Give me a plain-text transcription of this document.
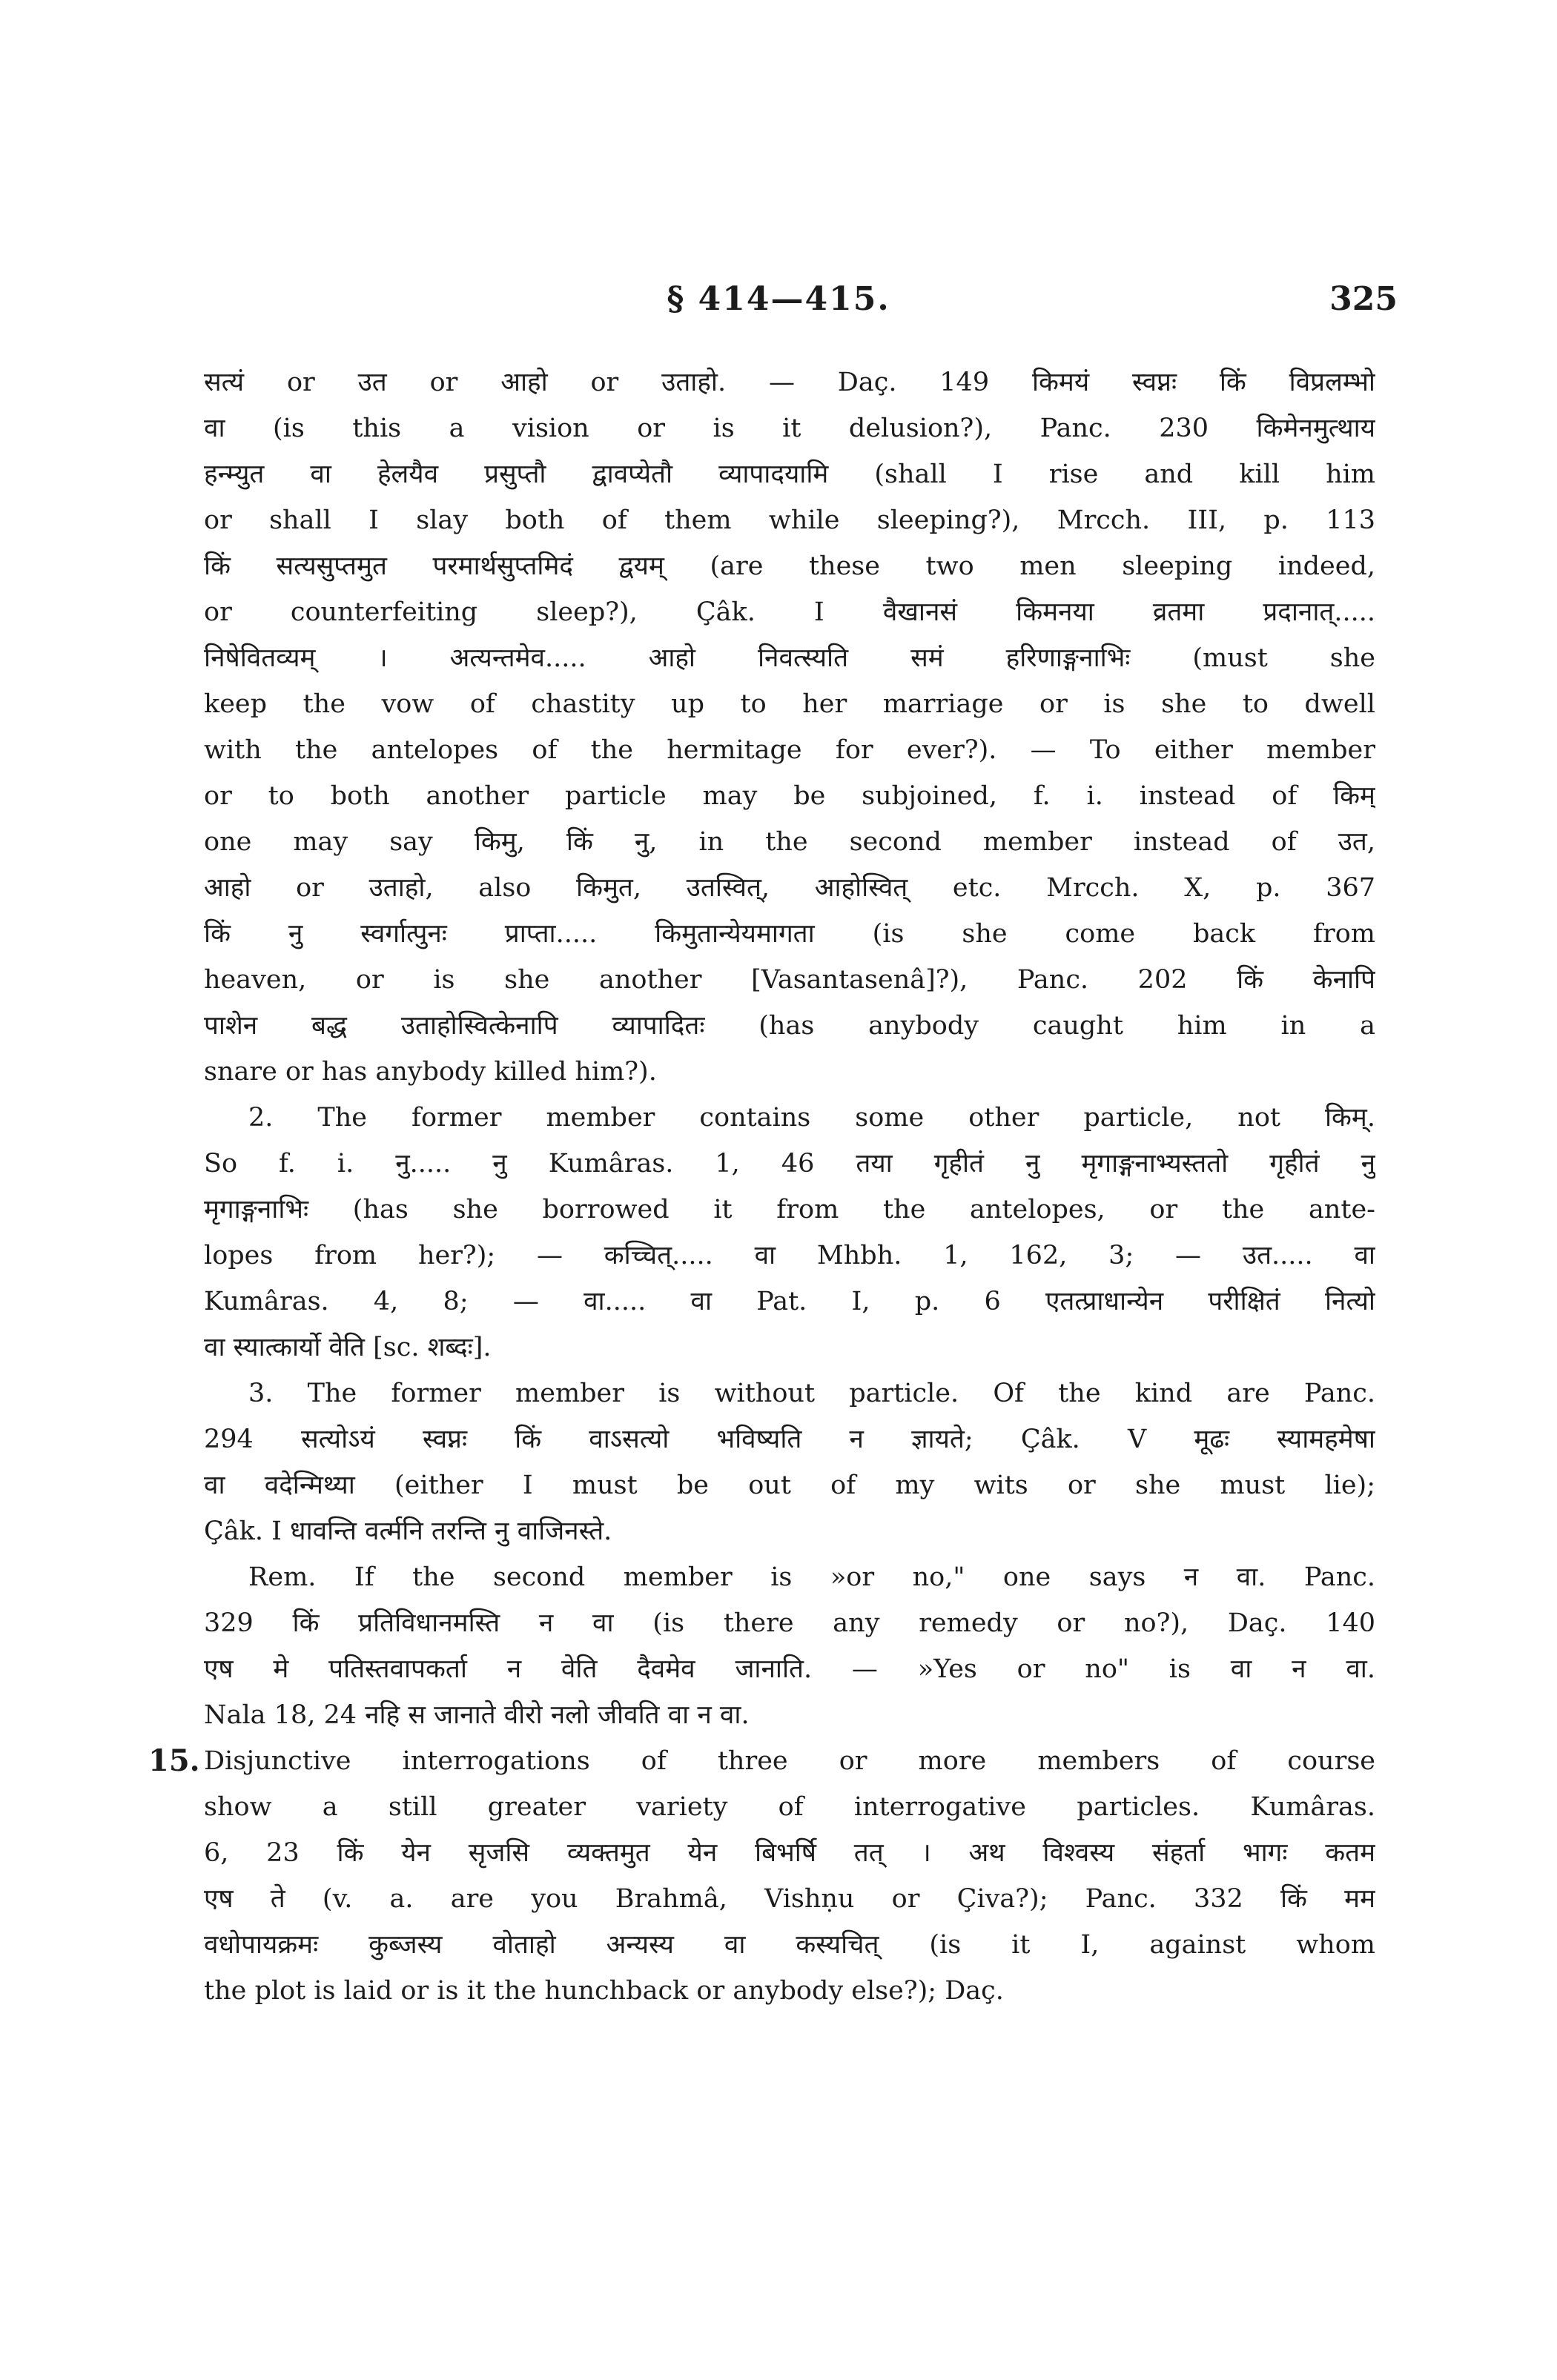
§ 414—415.	325
15.
सत्यं or उत or आहो or उताहो. — Daç. 149 किमयं स्वप्नः किं विप्रलम्भो
वा (is this a vision or is it delusion?), Panc. 230 किमेनमुत्थाय
हन्म्युत वा हेलयैव प्रसुप्तौ द्वावप्येतौ व्यापादयामि (shall I rise and kill him
or shall I slay both of them while sleeping?), Mrcch. III, p. 113
किं सत्यसुप्तमुत परमार्थसुप्तमिदं द्वयम् (are these two men sleeping indeed,
or counterfeiting sleep?), Çâk. I वैखानसं किमनया व्रतमा प्रदानात्.....
निषेवितव्यम् । अत्यन्तमेव..... आहो निवत्स्यति समं हरिणाङ्गनाभिः (must she
keep the vow of chastity up to her marriage or is she to dwell
with the antelopes of the hermitage for ever?). — To either member
or to both another particle may be subjoined, f. i. instead of किम्
one may say किमु, किं नु, in the second member instead of उत,
आहो or उताहो, also किमुत, उतस्वित्, आहोस्वित् etc. Mrcch. X, p. 367
किं नु स्वर्गात्पुनः प्राप्ता..... किमुतान्येयमागता (is she come back from
heaven, or is she another [Vasantasenâ]?), Panc. 202 किं केनापि
पाशेन बद्ध उताहोस्वित्केनापि व्यापादितः (has anybody caught him in a
snare or has anybody killed him?).
2. The former member contains some other particle, not किम्.
So f. i. नु..... नु Kumâras. 1, 46 तया गृहीतं नु मृगाङ्गनाभ्यस्ततो गृहीतं नु
मृगाङ्गनाभिः (has she borrowed it from the antelopes, or the ante-
lopes from her?); — कच्चित्..... वा Mhbh. 1, 162, 3; — उत..... वा
Kumâras. 4, 8; — वा..... वा Pat. I, p. 6 एतत्प्राधान्येन परीक्षितं नित्यो
वा स्यात्कार्यो वेति [sc. शब्दः].
3. The former member is without particle. Of the kind are Panc.
294 सत्योऽयं स्वप्नः किं वाऽसत्यो भविष्यति न ज्ञायते; Çâk. V मूढः स्यामहमेषा
वा वदेन्मिथ्या (either I must be out of my wits or she must lie);
Çâk. I धावन्ति वर्त्मनि तरन्ति नु वाजिनस्ते.
Rem. If the second member is »or no," one says न वा. Panc.
329 किं प्रतिविधानमस्ति न वा (is there any remedy or no?), Daç. 140
एष मे पतिस्तवापकर्ता न वेति दैवमेव जानाति. — »Yes or no" is वा न वा.
Nala 18, 24 नहि स जानाते वीरो नलो जीवति वा न वा.
Disjunctive interrogations of three or more members of course
show a still greater variety of interrogative particles. Kumâras.
6, 23 किं येन सृजसि व्यक्तमुत येन बिभर्षि तत् । अथ विश्वस्य संहर्ता भागः कतम
एष ते (v. a. are you Brahmâ, Vishṇu or Çiva?); Panc. 332 किं मम
वधोपायक्रमः कुब्जस्य वोताहो अन्यस्य वा कस्यचित् (is it I, against whom
the plot is laid or is it the hunchback or anybody else?); Daç.
